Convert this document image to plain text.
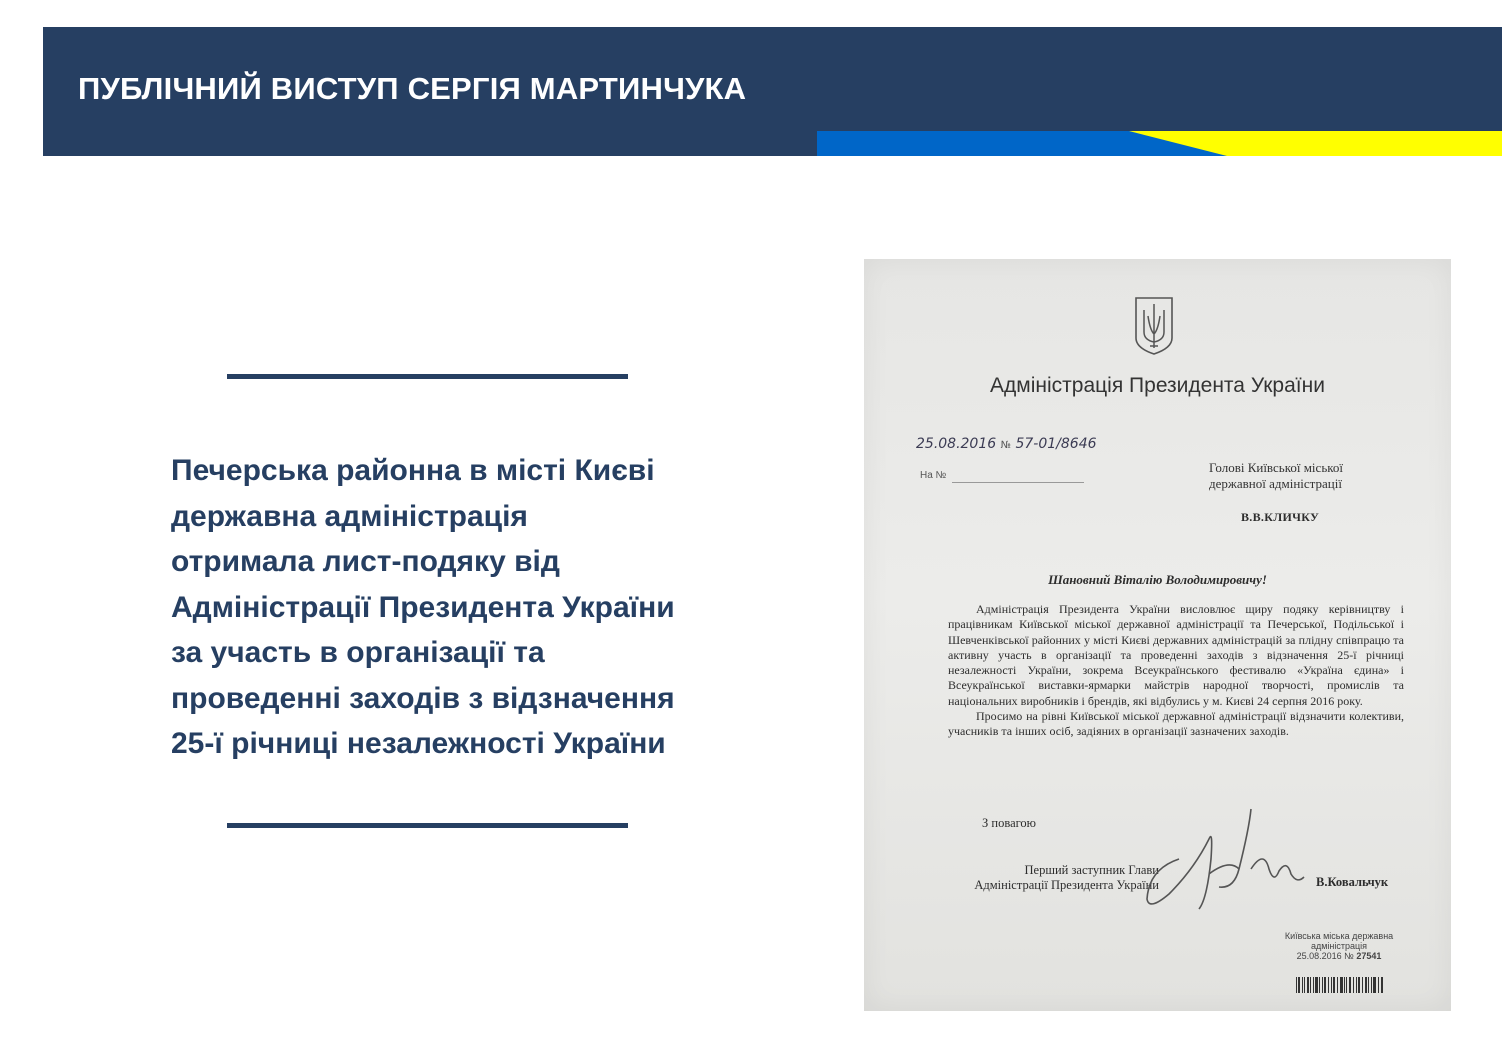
ПУБЛІЧНИЙ ВИСТУП СЕРГІЯ МАРТИНЧУКА
Печерська районна в місті Києві
державна адміністрація
отримала лист-подяку від
Адміністрації Президента України
за участь в організації та
проведенні заходів з відзначення
25-ї річниці незалежності України
Адміністрація Президента України
25.08.2016 № 57-01/8646
На №
Голові Київської міської
державної адміністрації
В.В.КЛИЧКУ
Шановний Віталію Володимировичу!

Адміністрація Президента України висловлює щиру подяку керівництву і працівникам Київської міської державної адміністрації та Печерської, Подільської і Шевченківської районних у місті Києві державних адміністрацій за плідну співпрацю та активну участь в організації та проведенні заходів з відзначення 25-ї річниці незалежності України, зокрема Всеукраїнського фестивалю «Україна єдина» і Всеукраїнської виставки-ярмарки майстрів народної творчості, промислів та національних виробників і брендів, які відбулись у м. Києві 24 серпня 2016 року.

Просимо на рівні Київської міської державної адміністрації відзначити колективи, учасників та інших осіб, задіяних в організації зазначених заходів.

З повагою
Перший заступник Глави
Адміністрації Президента України	В.Ковальчук
Київська міська державна
адміністрація
25.08.2016 № 27541
